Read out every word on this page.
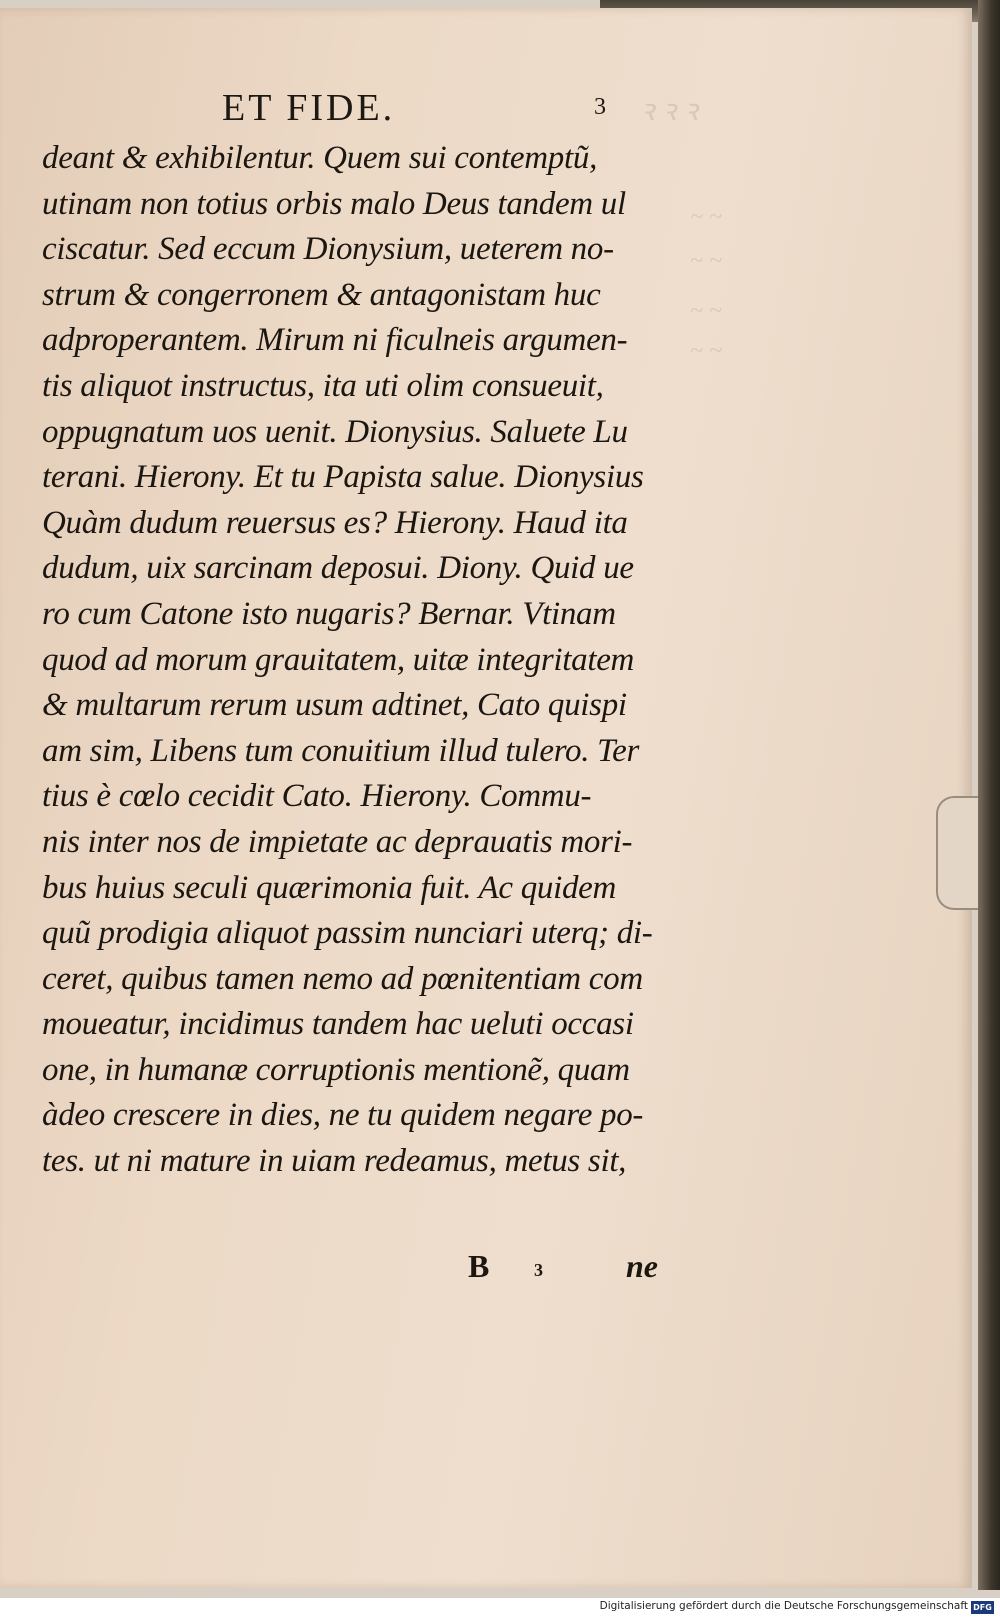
ꝛ ꝛ ꝛ
~ ~
~ ~
~ ~
~ ~
ET FIDE.	3
deant & exhibilentur. Quem sui contemptũ,
utinam non totius orbis malo Deus tandem ul
ciscatur. Sed eccum Dionysium, ueterem no-
strum & congerronem & antagonistam huc
adproperantem. Mirum ni ficulneis argumen-
tis aliquot instructus, ita uti olim consueuit,
oppugnatum uos uenit. Dionysius. Saluete Lu
terani. Hierony. Et tu Papista salue. Dionysius
Quàm dudum reuersus es? Hierony. Haud ita
dudum, uix sarcinam deposui. Diony. Quid ue
ro cum Catone isto nugaris? Bernar. Vtinam
quod ad morum grauitatem, uitæ integritatem
& multarum rerum usum adtinet, Cato quispi
am sim, Libens tum conuitium illud tulero. Ter
tius è cœlo cecidit Cato. Hierony. Commu-
nis inter nos de impietate ac deprauatis mori-
bus huius seculi quærimonia fuit. Ac quidem
quũ prodigia aliquot passim nunciari uterq; di-
ceret, quibus tamen nemo ad pœnitentiam com
moueatur, incidimus tandem hac ueluti occasi
one, in humanæ corruptionis mentionẽ, quam
àdeo crescere in dies, ne tu quidem negare po-
tes. ut ni mature in uiam redeamus, metus sit,
B 3	ne
Digitalisierung gefördert durch die Deutsche Forschungsgemeinschaft DFG
